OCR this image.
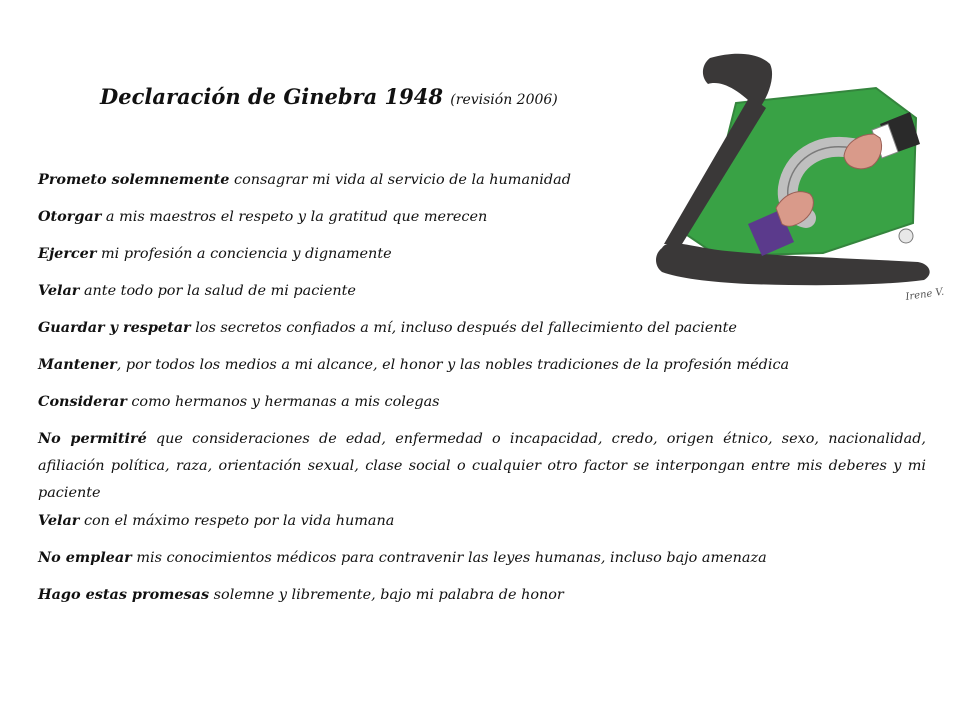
Declaración de Ginebra 1948 (revisión 2006)

Prometo solemnemente consagrar mi vida al servicio de la humanidad

Otorgar a mis maestros el respeto y la gratitud que merecen

Ejercer mi profesión a conciencia y dignamente

Velar ante todo por la salud de mi paciente

Guardar y respetar los secretos confiados a mí, incluso después del fallecimiento del paciente

Mantener, por todos los medios a mi alcance, el honor y las nobles tradiciones de la profesión médica

Considerar como hermanos y hermanas a mis colegas

No permitiré que consideraciones de edad, enfermedad o incapacidad, credo, origen étnico, sexo, nacionalidad, afiliación política, raza, orientación sexual, clase social o cualquier otro factor se interpongan entre mis deberes y mi paciente

Velar con el máximo respeto por la vida humana

No emplear mis conocimientos médicos para contravenir las leyes humanas, incluso bajo amenaza

Hago estas promesas solemne y libremente, bajo mi palabra de honor

Irene V.
